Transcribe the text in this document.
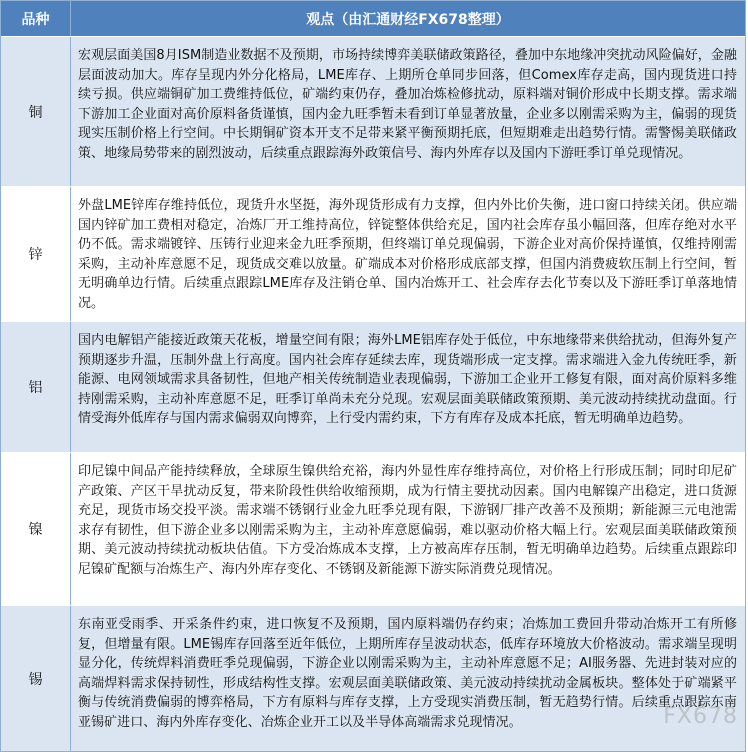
品种	观点（由汇通财经FX678整理）
铜
宏观层面美国8月ISM制造业数据不及预期，市场持续博弈美联储政策路径，叠加中东地缘冲突扰动风险偏好，金融层面波动加大。库存呈现内外分化格局，LME库存、上期所仓单同步回落，但Comex库存走高，国内现货进口持续亏损。供应端铜矿加工费维持低位，矿端约束仍存，叠加冶炼检修扰动，原料端对铜价形成中长期支撑。需求端下游加工企业面对高价原料备货谨慎，国内金九旺季暂未看到订单显著放量，企业多以刚需采购为主，偏弱的现货现实压制价格上行空间。中长期铜矿资本开支不足带来紧平衡预期托底，但短期难走出趋势行情。需警惕美联储政策、地缘局势带来的剧烈波动，后续重点跟踪海外政策信号、海内外库存以及国内下游旺季订单兑现情况。
锌
外盘LME锌库存维持低位，现货升水坚挺，海外现货形成有力支撑，但内外比价失衡，进口窗口持续关闭。供应端国内锌矿加工费相对稳定，冶炼厂开工维持高位，锌锭整体供给充足，国内社会库存虽小幅回落，但库存绝对水平仍不低。需求端镀锌、压铸行业迎来金九旺季预期，但终端订单兑现偏弱，下游企业对高价保持谨慎，仅维持刚需采购，主动补库意愿不足，现货成交难以放量。矿端成本对价格形成底部支撑，但国内消费疲软压制上行空间，暂无明确单边行情。后续重点跟踪LME库存及注销仓单、国内冶炼开工、社会库存去化节奏以及下游旺季订单落地情况。
铝
国内电解铝产能接近政策天花板，增量空间有限；海外LME铝库存处于低位，中东地缘带来供给扰动，但海外复产预期逐步升温，压制外盘上行高度。国内社会库存延续去库，现货端形成一定支撑。需求端进入金九传统旺季，新能源、电网领域需求具备韧性，但地产相关传统制造业表现偏弱，下游加工企业开工修复有限，面对高价原料多维持刚需采购，主动补库意愿不足，旺季订单尚未充分兑现。宏观层面美联储政策预期、美元波动持续扰动盘面。行情受海外低库存与国内需求偏弱双向博弈，上行受内需约束，下方有库存及成本托底，暂无明确单边趋势。
镍
印尼镍中间品产能持续释放，全球原生镍供给充裕，海内外显性库存维持高位，对价格上行形成压制；同时印尼矿产政策、产区干旱扰动反复，带来阶段性供给收缩预期，成为行情主要扰动因素。国内电解镍产出稳定，进口货源充足，现货市场交投平淡。需求端不锈钢行业金九旺季兑现有限，下游钢厂排产改善不及预期；新能源三元电池需求存有韧性，但下游企业多以刚需采购为主，主动补库意愿偏弱，难以驱动价格大幅上行。宏观层面美联储政策预期、美元波动持续扰动板块估值。下方受冶炼成本支撑，上方被高库存压制，暂无明确单边趋势。后续重点跟踪印尼镍矿配额与冶炼生产、海内外库存变化、不锈钢及新能源下游实际消费兑现情况。
锡
东南亚受雨季、开采条件约束，进口恢复不及预期，国内原料端仍存约束；冶炼加工费回升带动冶炼开工有所修复，但增量有限。LME锡库存回落至近年低位，上期所库存呈波动状态，低库存环境放大价格波动。需求端呈现明显分化，传统焊料消费旺季兑现偏弱，下游企业以刚需采购为主，主动补库意愿不足；AI服务器、先进封装对应的高端焊料需求保持韧性，形成结构性支撑。宏观层面美联储政策、美元波动持续扰动金属板块。整体处于矿端紧平衡与传统消费偏弱的博弈格局，下方有原料与库存支撑，上方受现实消费压制，暂无趋势行情。后续重点跟踪东南亚锡矿进口、海内外库存变化、冶炼企业开工以及半导体高端需求兑现情况。	FX678
